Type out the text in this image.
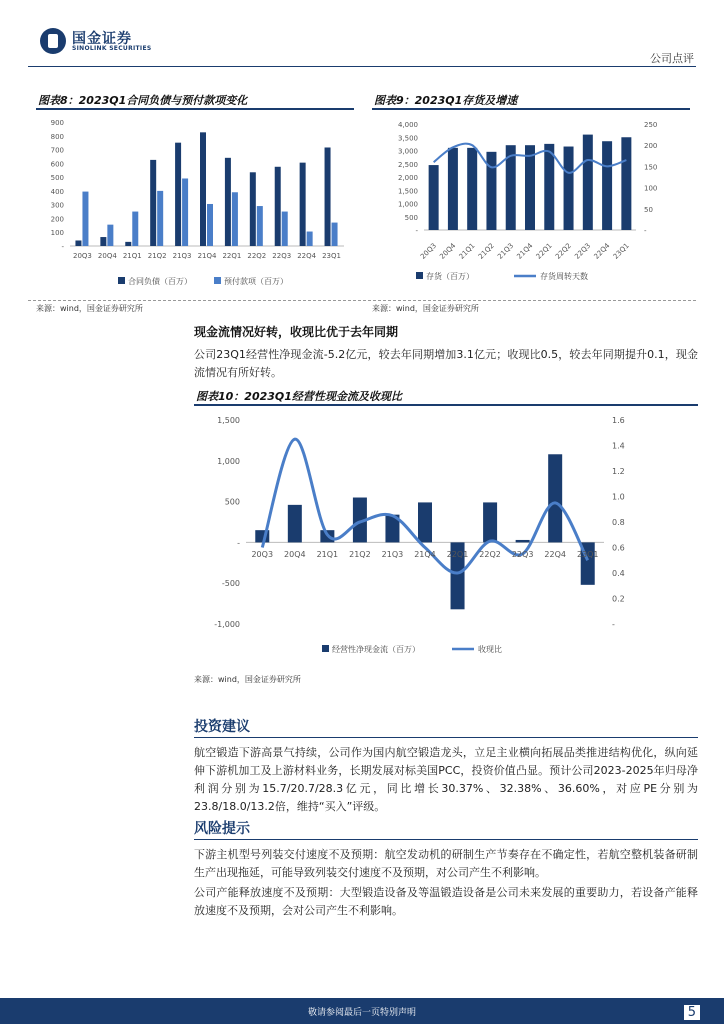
国金证券
SINOLINK SECURITIES
公司点评
图表8：2023Q1合同负债与预付款项变化
900
800
700
600
500
400
300
200
100
-
20Q3 20Q4 21Q1 21Q2 21Q3 21Q4 22Q1 22Q2 22Q3 22Q4 23Q1
合同负债（百万）	预付款项（百万）
来源：wind，国金证券研究所
图表9：2023Q1存货及增速
4,000
3,500
3,000
2,500
2,000
1,500
1,000
500
-
250
200
150
100
50
-
20Q3 20Q4 21Q1 21Q2 21Q3 21Q4 22Q1 22Q2 22Q3 22Q4 23Q1
存货（百万）	存货周转天数
来源：wind，国金证券研究所
现金流情况好转，收现比优于去年同期
公司23Q1经营性净现金流-5.2亿元，较去年同期增加3.1亿元；收现比0.5，较去年同期提升0.1，现金流情况有所好转。
图表10：2023Q1经营性现金流及收现比
1,500
1,000
500
-
-500
-1,000
1.6
1.4
1.2
1.0
0.8
0.6
0.4
0.2
-
20Q3 20Q4 21Q1 21Q2 21Q3 21Q4 22Q1 22Q2 22Q3 22Q4 23Q1
经营性净现金流（百万）	收现比
来源：wind，国金证券研究所
投资建议
航空锻造下游高景气持续，公司作为国内航空锻造龙头，立足主业横向拓展品类推进结构优化，纵向延伸下游机加工及上游材料业务，长期发展对标美国PCC，投资价值凸显。预计公司2023-2025年归母净利润分别为15.7/20.7/28.3亿元，同比增长30.37%、32.38%、36.60%，对应PE分别为23.8/18.0/13.2倍，维持“买入”评级。
风险提示
下游主机型号列装交付速度不及预期：航空发动机的研制生产节奏存在不确定性，若航空整机装备研制生产出现拖延，可能导致列装交付速度不及预期，对公司产生不利影响。
公司产能释放速度不及预期：大型锻造设备及等温锻造设备是公司未来发展的重要助力，若设备产能释放速度不及预期，会对公司产生不利影响。
敬请参阅最后一页特别声明	5
